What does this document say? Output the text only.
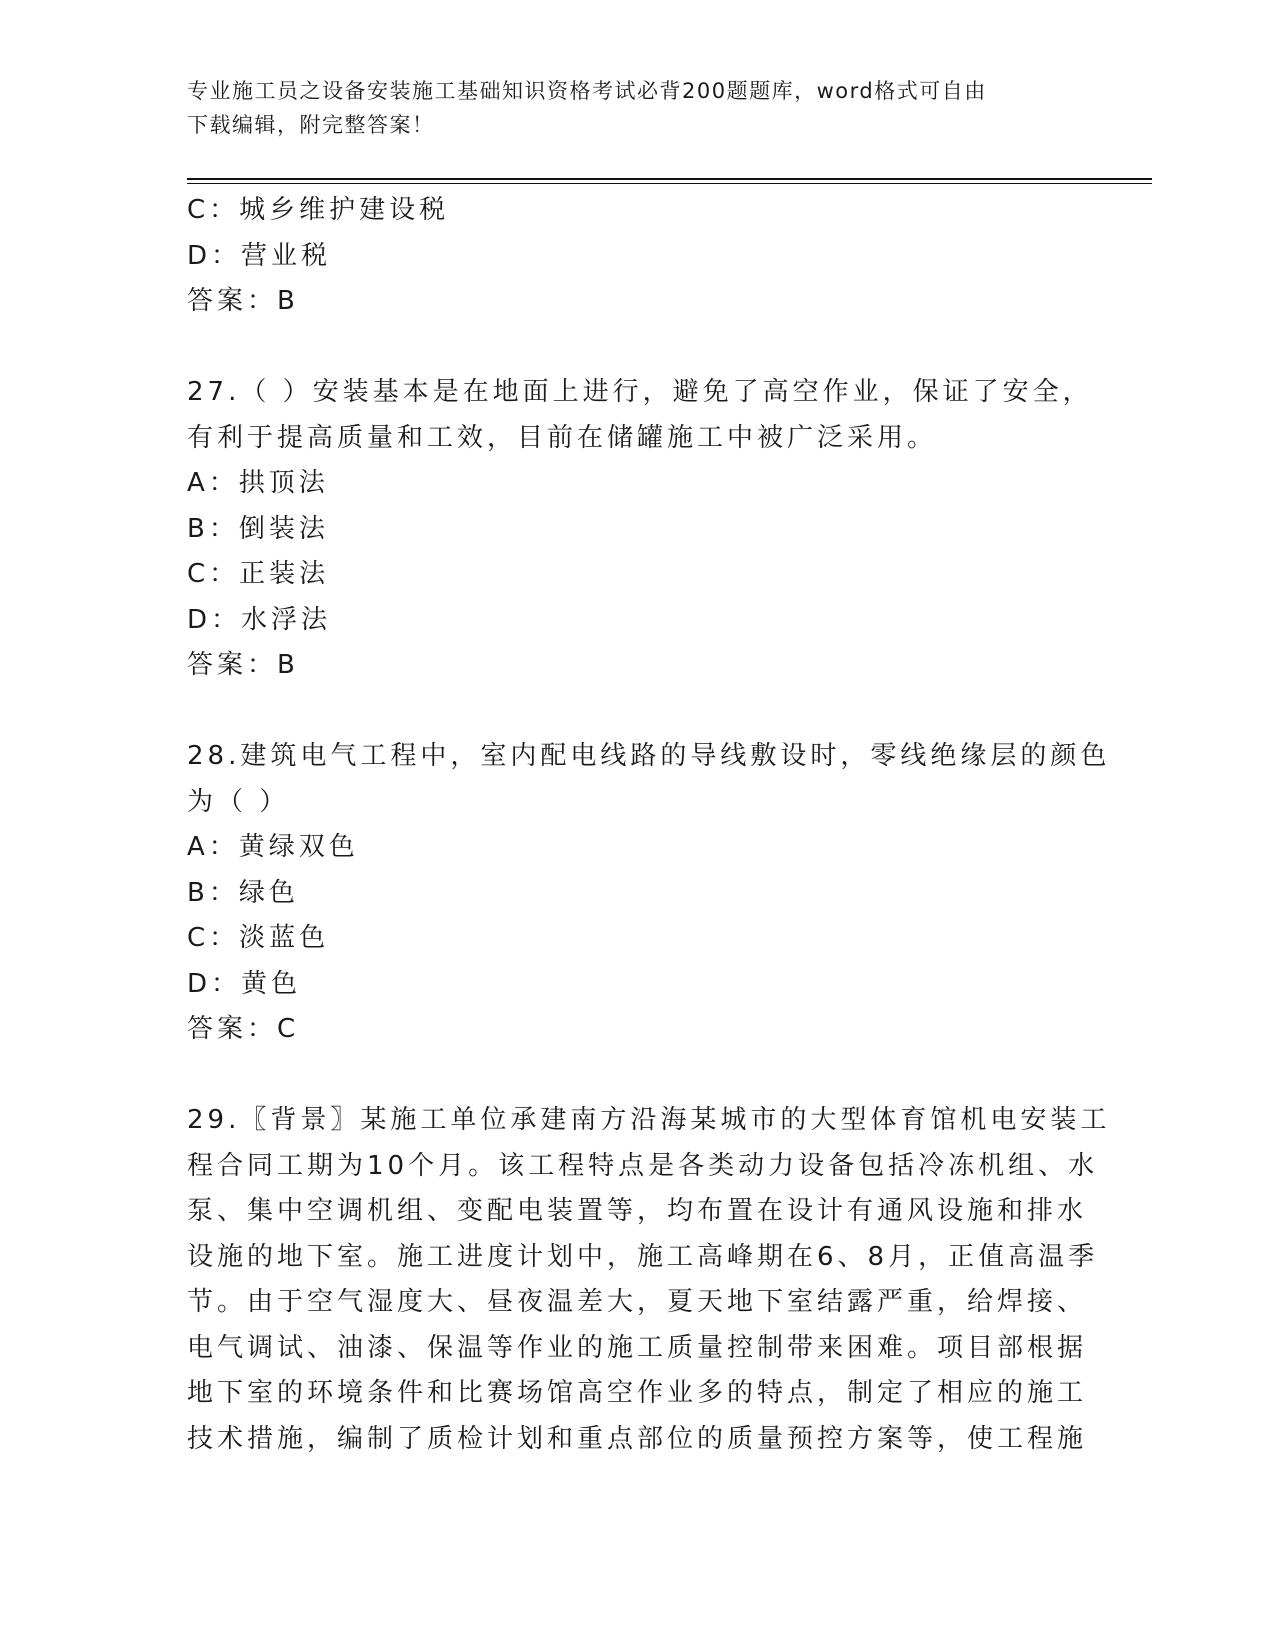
专业施工员之设备安装施工基础知识资格考试必背200题题库，word格式可自由
下载编辑，附完整答案！
C：城乡维护建设税
D：营业税
答案：B
27.（ ）安装基本是在地面上进行，避免了高空作业，保证了安全，
有利于提高质量和工效，目前在储罐施工中被广泛采用。
A：拱顶法
B：倒装法
C：正装法
D：水浮法
答案：B
28.建筑电气工程中，室内配电线路的导线敷设时，零线绝缘层的颜色
为（ ）
A：黄绿双色
B：绿色
C：淡蓝色
D：黄色
答案：C
29.〖背景〗某施工单位承建南方沿海某城市的大型体育馆机电安装工
程合同工期为10个月。该工程特点是各类动力设备包括冷冻机组、水
泵、集中空调机组、变配电装置等，均布置在设计有通风设施和排水
设施的地下室。施工进度计划中，施工高峰期在6、8月，正值高温季
节。由于空气湿度大、昼夜温差大，夏天地下室结露严重，给焊接、
电气调试、油漆、保温等作业的施工质量控制带来困难。项目部根据
地下室的环境条件和比赛场馆高空作业多的特点，制定了相应的施工
技术措施，编制了质检计划和重点部位的质量预控方案等，使工程施
